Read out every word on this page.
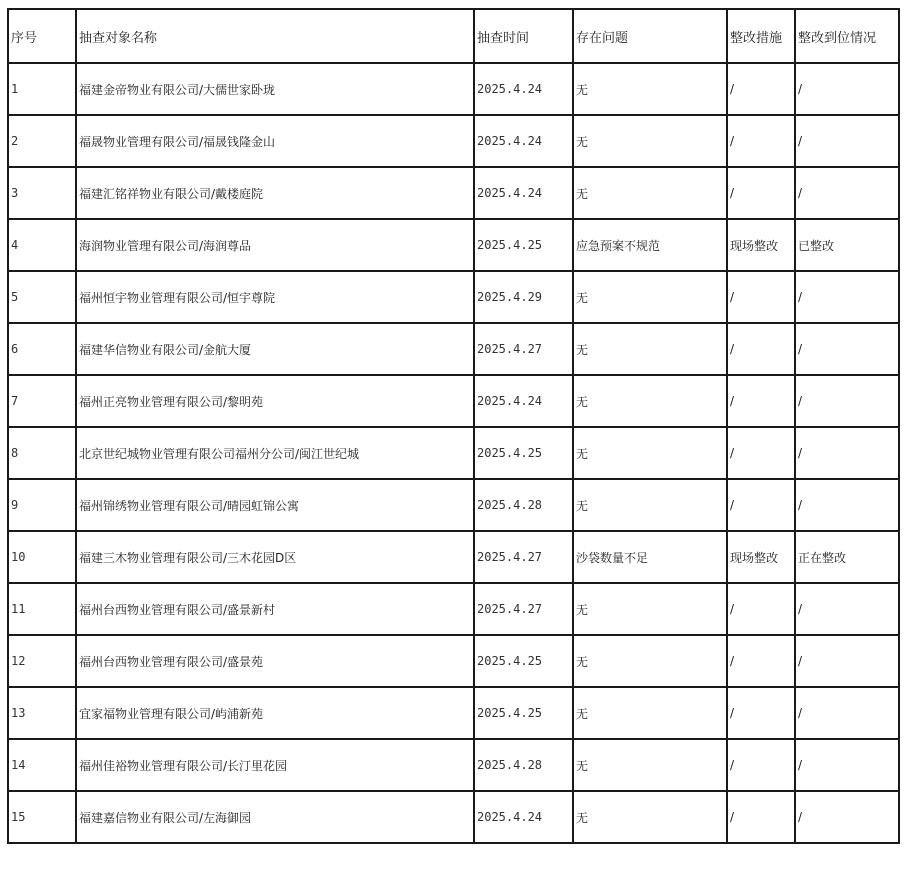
序号	抽查对象名称	抽查时间	存在问题	整改措施	整改到位情况
1	福建金帝物业有限公司/大儒世家卧珑	2025.4.24	无	/	/
2	福晟物业管理有限公司/福晟钱隆金山	2025.4.24	无	/	/
3	福建汇铭祥物业有限公司/戴楼庭院	2025.4.24	无	/	/
4	海润物业管理有限公司/海润尊品	2025.4.25	应急预案不规范	现场整改	已整改
5	福州恒宇物业管理有限公司/恒宇尊院	2025.4.29	无	/	/
6	福建华信物业有限公司/金航大厦	2025.4.27	无	/	/
7	福州正亮物业管理有限公司/黎明苑	2025.4.24	无	/	/
8	北京世纪城物业管理有限公司福州分公司/闽江世纪城	2025.4.25	无	/	/
9	福州锦绣物业管理有限公司/晴园虹锦公寓	2025.4.28	无	/	/
10	福建三木物业管理有限公司/三木花园D区	2025.4.27	沙袋数量不足	现场整改	正在整改
11	福州台西物业管理有限公司/盛景新村	2025.4.27	无	/	/
12	福州台西物业管理有限公司/盛景苑	2025.4.25	无	/	/
13	宜家福物业管理有限公司/屿浦新苑	2025.4.25	无	/	/
14	福州佳裕物业管理有限公司/长汀里花园	2025.4.28	无	/	/
15	福建嘉信物业有限公司/左海御园	2025.4.24	无	/	/
